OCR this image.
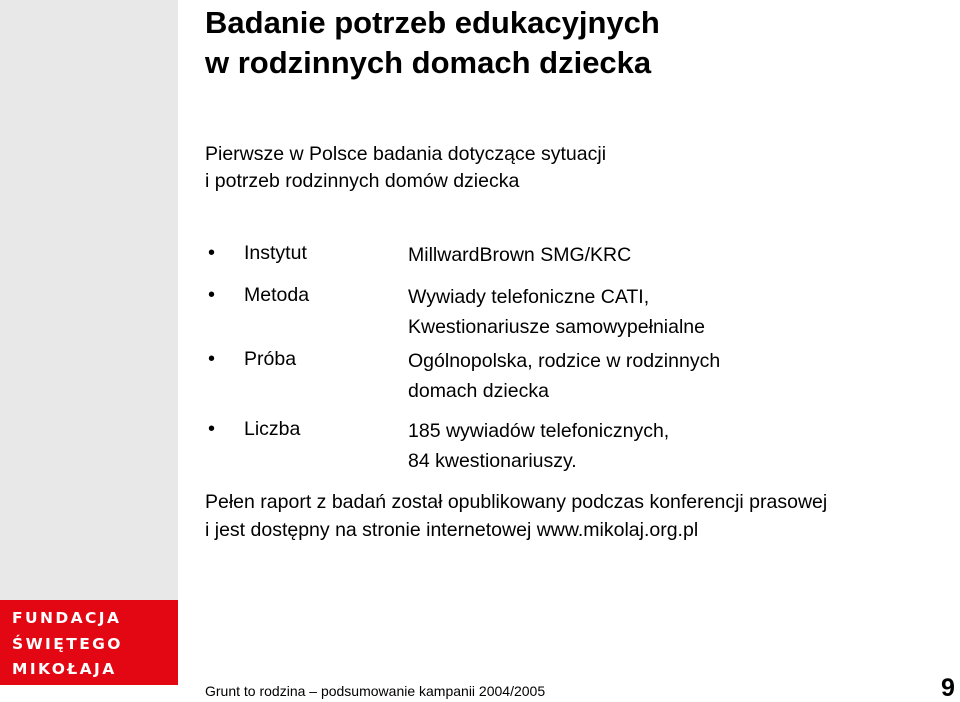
FUNDACJA
ŚWIĘTEGO
MIKOŁAJA
Badanie potrzeb edukacyjnych
w rodzinnych domach dziecka
Pierwsze w Polsce badania dotyczące sytuacji
i potrzeb rodzinnych domów dziecka
• Instytut	MillwardBrown SMG/KRC
• Metoda	Wywiady telefoniczne CATI,
Kwestionariusze samowypełnialne
• Próba	Ogólnopolska, rodzice w rodzinnych
domach dziecka
• Liczba	185 wywiadów telefonicznych,
84 kwestionariuszy.
Pełen raport z badań został opublikowany podczas konferencji prasowej
i jest dostępny na stronie internetowej www.mikolaj.org.pl
Grunt to rodzina – podsumowanie kampanii 2004/2005	9
